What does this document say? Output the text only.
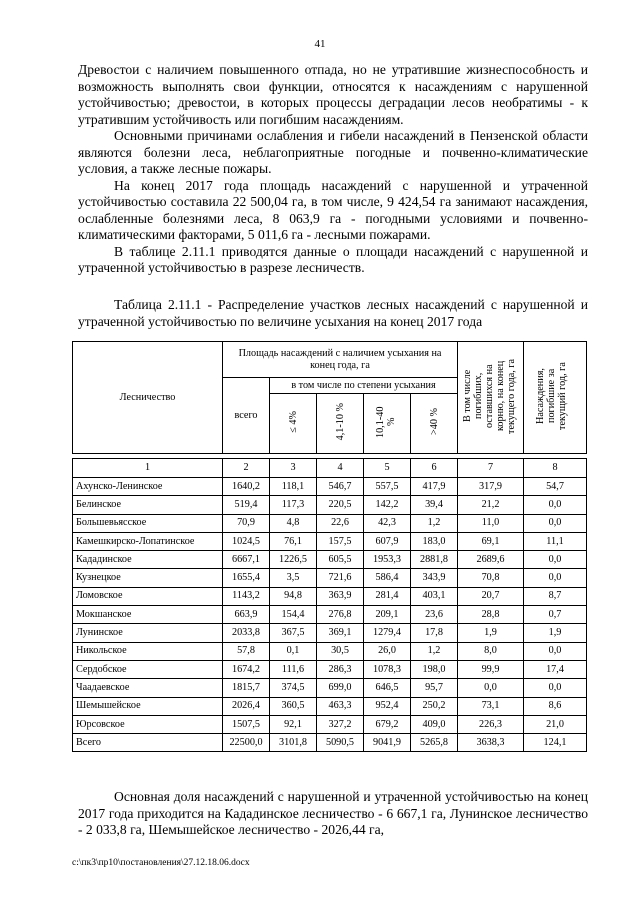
41

Древостои с наличием повышенного отпада, но не утратившие жизнеспособность и возможность выполнять свои функции, относятся к насаждениям с нарушенной устойчивостью; древостои, в которых процессы деградации лесов необратимы - к утратившим устойчивость или погибшим насаждениям.

Основными причинами ослабления и гибели насаждений в Пензенской области являются болезни леса, неблагоприятные погодные и почвенно-климатические условия, а также лесные пожары.

На конец 2017 года площадь насаждений с нарушенной и утраченной устойчивостью составила 22 500,04 га, в том числе, 9 424,54 га занимают насаждения, ослабленные болезнями леса, 8 063,9 га - погодными условиями и почвенно-климатическими факторами, 5 011,6 га - лесными пожарами.

В таблице 2.11.1 приводятся данные о площади насаждений с нарушенной и утраченной устойчивостью в разрезе лесничеств.

Таблица 2.11.1 - Распределение участков лесных насаждений с нарушенной и утраченной устойчивостью по величине усыхания на конец 2017 года
Лесничество	Площадь насаждений с наличием усыхания на конец года, га					В том числе погибших, оставшихся на корню, на конец текущего года, га	Насаждения, погибшие за текущий год, га
	всего	в том числе по степени усыхания					
		≤ 4%	4,1-10 %	10,1-40 %	>40 %		

1	2	3	4	5	6	7	8
Ахунско-Ленинское	1640,2	118,1	546,7	557,5	417,9	317,9	54,7
Белинское	519,4	117,3	220,5	142,2	39,4	21,2	0,0
Большевьясское	70,9	4,8	22,6	42,3	1,2	11,0	0,0
Камешкирско-Лопатинское	1024,5	76,1	157,5	607,9	183,0	69,1	11,1
Кададинское	6667,1	1226,5	605,5	1953,3	2881,8	2689,6	0,0
Кузнецкое	1655,4	3,5	721,6	586,4	343,9	70,8	0,0
Ломовское	1143,2	94,8	363,9	281,4	403,1	20,7	8,7
Мокшанское	663,9	154,4	276,8	209,1	23,6	28,8	0,7
Лунинское	2033,8	367,5	369,1	1279,4	17,8	1,9	1,9
Никольское	57,8	0,1	30,5	26,0	1,2	8,0	0,0
Сердобское	1674,2	111,6	286,3	1078,3	198,0	99,9	17,4
Чаадаевское	1815,7	374,5	699,0	646,5	95,7	0,0	0,0
Шемышейское	2026,4	360,5	463,3	952,4	250,2	73,1	8,6
Юрсовское	1507,5	92,1	327,2	679,2	409,0	226,3	21,0
Всего	22500,0	3101,8	5090,5	9041,9	5265,8	3638,3	124,1

Основная доля насаждений с нарушенной и утраченной устойчивостью на конец 2017 года приходится на Кададинское лесничество - 6 667,1 га, Лунинское лесничество - 2 033,8 га, Шемышейское лесничество - 2026,44 га,

c:\пк3\пр10\постановления\27.12.18.06.docx
